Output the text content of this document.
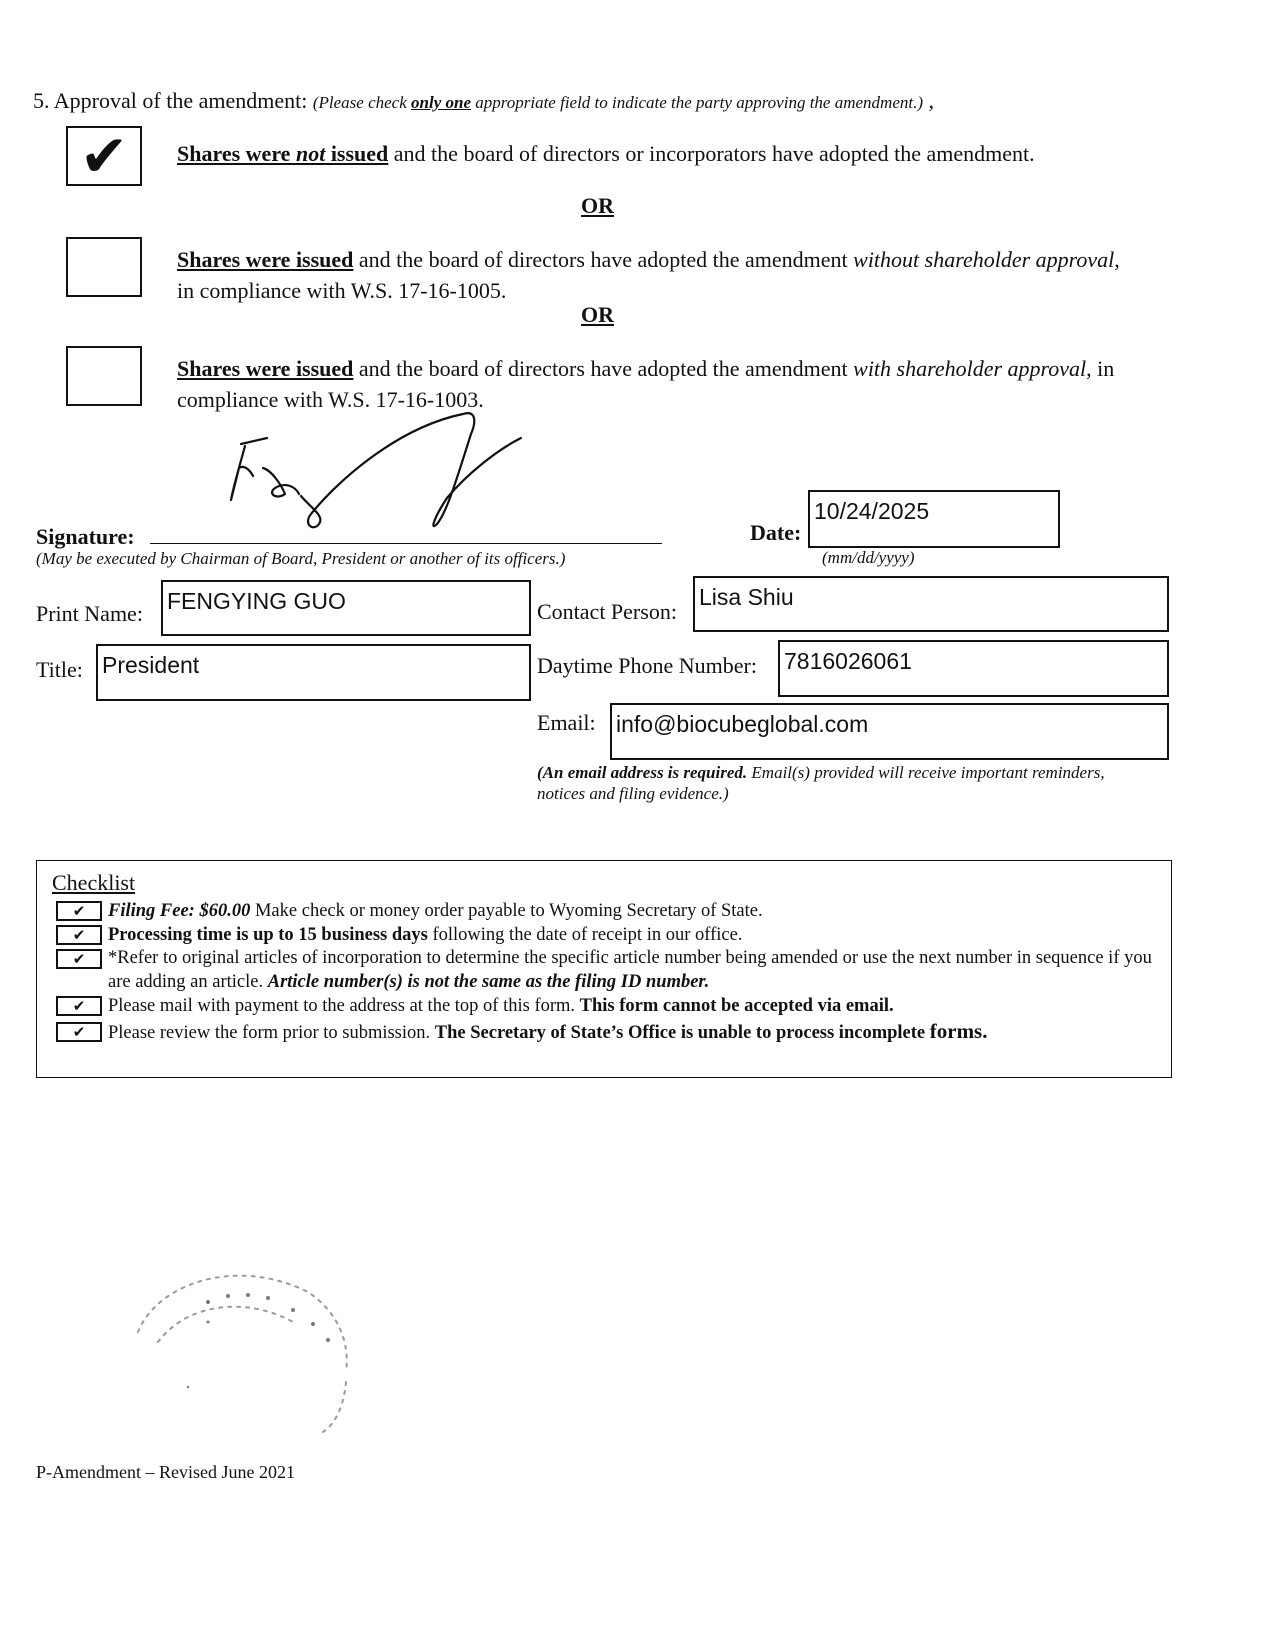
5. Approval of the amendment: (Please check only one appropriate field to indicate the party approving the amendment.) ,
✔	Shares were not issued and the board of directors or incorporators have adopted the amendment.
OR
Shares were issued and the board of directors have adopted the amendment without shareholder approval, in compliance with W.S. 17-16-1005.
OR
Shares were issued and the board of directors have adopted the amendment with shareholder approval, in compliance with W.S. 17-16-1003.
Signature:
(May be executed by Chairman of Board, President or another of its officers.)
Date:
10/24/2025
(mm/dd/yyyy)
Print Name: FENGYING GUO
Title: President
Contact Person:
Lisa Shiu
Daytime Phone Number: 7816026061
Email: info@biocubeglobal.com
(An email address is required. Email(s) provided will receive important reminders, notices and filing evidence.)
Checklist
✔	Filing Fee: $60.00 Make check or money order payable to Wyoming Secretary of State.
✔	Processing time is up to 15 business days following the date of receipt in our office.
✔	*Refer to original articles of incorporation to determine the specific article number being amended or use the next number in sequence if you are adding an article. Article number(s) is not the same as the filing ID number.
✔	Please mail with payment to the address at the top of this form. This form cannot be accepted via email.
✔	Please review the form prior to submission. The Secretary of State’s Office is unable to process incomplete forms.
P-Amendment – Revised June 2021
